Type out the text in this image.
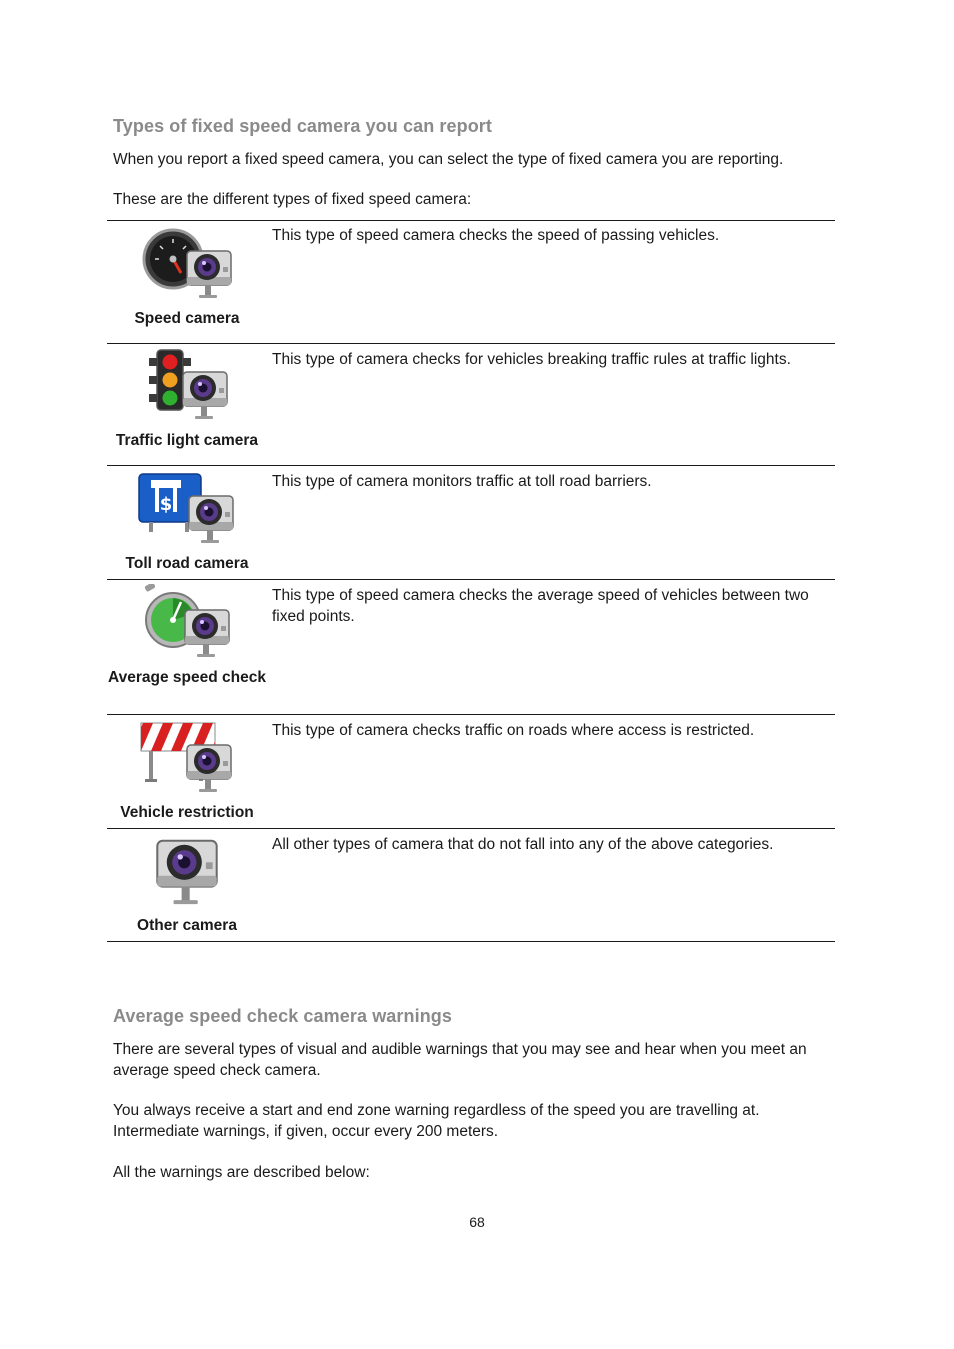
Types of fixed speed camera you can report
When you report a fixed speed camera, you can select the type of fixed camera you are reporting.
These are the different types of fixed speed camera:
Speed camera
This type of speed camera checks the speed of passing vehicles.
Traffic light camera
This type of camera checks for vehicles breaking traffic rules at traffic lights.
$
Toll road camera
This type of camera monitors traffic at toll road barriers.
Average speed check
This type of speed camera checks the average speed of vehicles between two fixed points.
Vehicle restriction
This type of camera checks traffic on roads where access is restricted.
Other camera
All other types of camera that do not fall into any of the above categories.
Average speed check camera warnings
There are several types of visual and audible warnings that you may see and hear when you meet an average speed check camera.
You always receive a start and end zone warning regardless of the speed you are travelling at. Intermediate warnings, if given, occur every 200 meters.
All the warnings are described below:
68
